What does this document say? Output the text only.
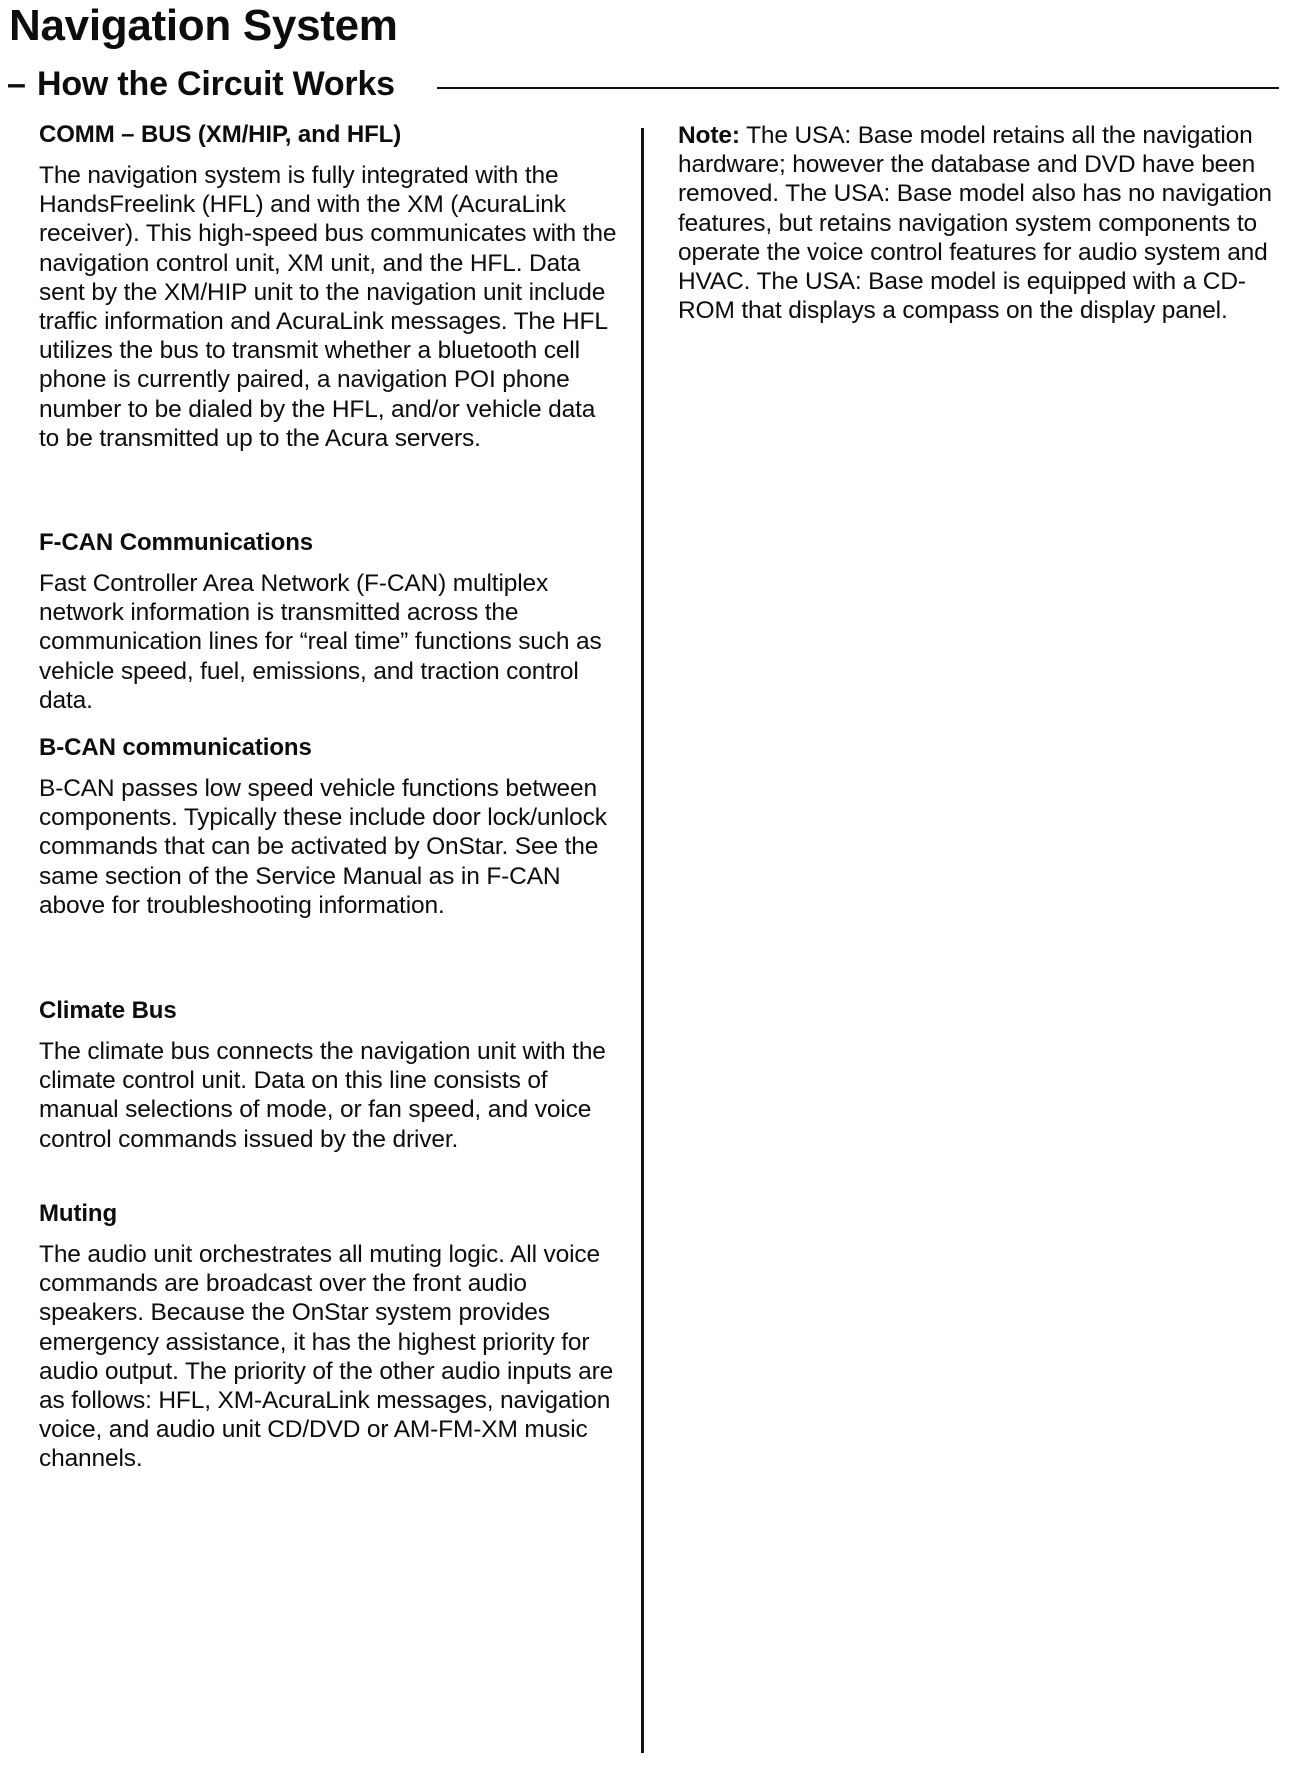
Navigation System
– How the Circuit Works
COMM – BUS (XM/HIP, and HFL)

The navigation system is fully integrated with the HandsFreelink (HFL) and with the XM (AcuraLink receiver). This high-speed bus communicates with the navigation control unit, XM unit, and the HFL. Data sent by the XM/HIP unit to the navigation unit include traffic information and AcuraLink messages. The HFL utilizes the bus to transmit whether a bluetooth cell phone is currently paired, a navigation POI phone number to be dialed by the HFL, and/or vehicle data to be transmitted up to the Acura servers.

F-CAN Communications

Fast Controller Area Network (F-CAN) multiplex network information is transmitted across the communication lines for “real time” functions such as vehicle speed, fuel, emissions, and traction control data.

B-CAN communications

B-CAN passes low speed vehicle functions between components. Typically these include door lock/unlock commands that can be activated by OnStar. See the same section of the Service Manual as in F-CAN above for troubleshooting information.

Climate Bus

The climate bus connects the navigation unit with the climate control unit. Data on this line consists of manual selections of mode, or fan speed, and voice control commands issued by the driver.

Muting

The audio unit orchestrates all muting logic. All voice commands are broadcast over the front audio speakers. Because the OnStar system provides emergency assistance, it has the highest priority for audio output. The priority of the other audio inputs are as follows: HFL, XM-AcuraLink messages, navigation voice, and audio unit CD/DVD or AM-FM-XM music channels.

Note: The USA: Base model retains all the navigation hardware; however the database and DVD have been removed. The USA: Base model also has no navigation features, but retains navigation system components to operate the voice control features for audio system and HVAC. The USA: Base model is equipped with a CD-ROM that displays a compass on the display panel.
